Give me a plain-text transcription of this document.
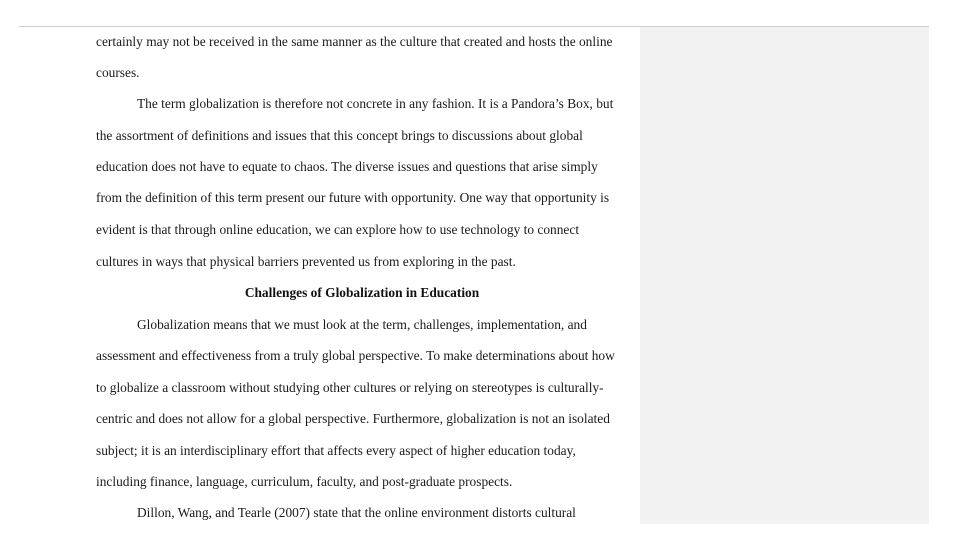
certainly may not be received in the same manner as the culture that created and hosts the online
courses.
The term globalization is therefore not concrete in any fashion. It is a Pandora’s Box, but
the assortment of definitions and issues that this concept brings to discussions about global
education does not have to equate to chaos. The diverse issues and questions that arise simply
from the definition of this term present our future with opportunity. One way that opportunity is
evident is that through online education, we can explore how to use technology to connect
cultures in ways that physical barriers prevented us from exploring in the past.
Challenges of Globalization in Education
Globalization means that we must look at the term, challenges, implementation, and
assessment and effectiveness from a truly global perspective. To make determinations about how
to globalize a classroom without studying other cultures or relying on stereotypes is culturally-
centric and does not allow for a global perspective. Furthermore, globalization is not an isolated
subject; it is an interdisciplinary effort that affects every aspect of higher education today,
including finance, language, curriculum, faculty, and post-graduate prospects.
Dillon, Wang, and Tearle (2007) state that the online environment distorts cultural
